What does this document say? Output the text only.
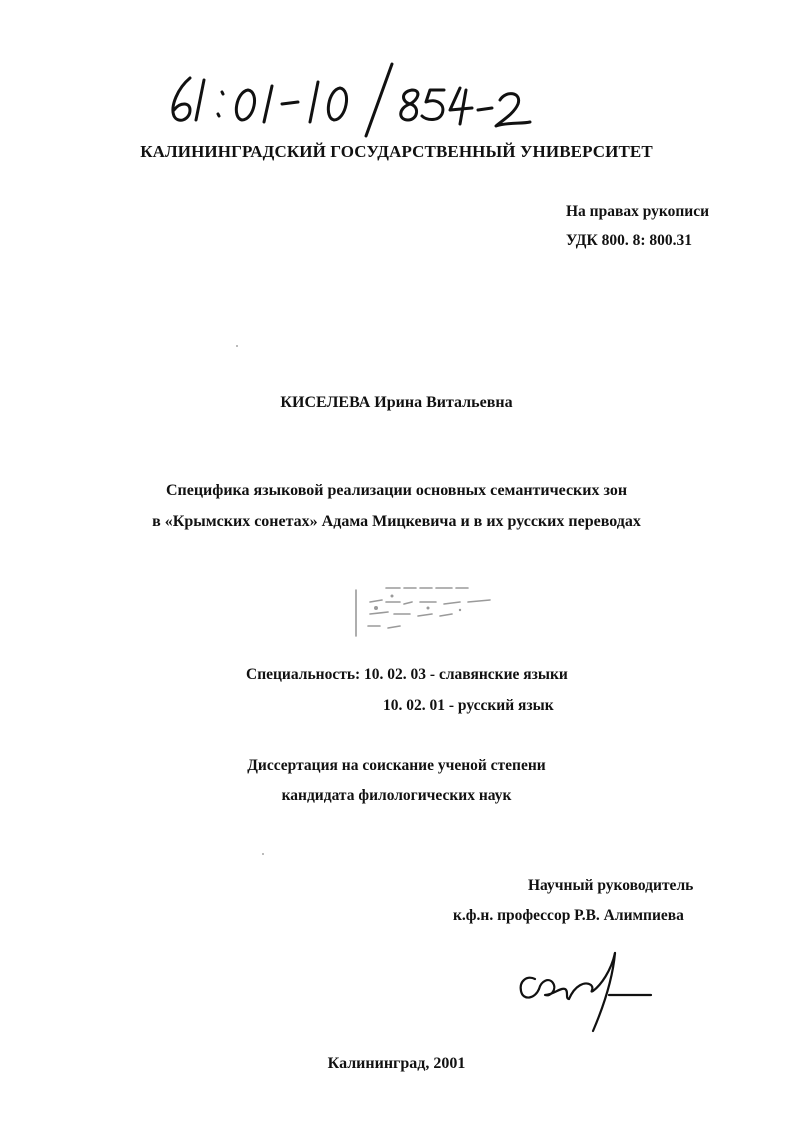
КАЛИНИНГРАДСКИЙ ГОСУДАРСТВЕННЫЙ УНИВЕРСИТЕТ
На правах рукописи
УДК 800. 8: 800.31
КИСЕЛЕВА Ирина Витальевна
Специфика языковой реализации основных семантических зон
в «Крымских сонетах» Адама Мицкевича и в их русских переводах
Специальность: 10. 02. 03 - славянские языки
10. 02. 01 - русский язык
Диссертация на соискание ученой степени
кандидата филологических наук
Научный руководитель
к.ф.н. профессор Р.В. Алимпиева
Калининград, 2001
